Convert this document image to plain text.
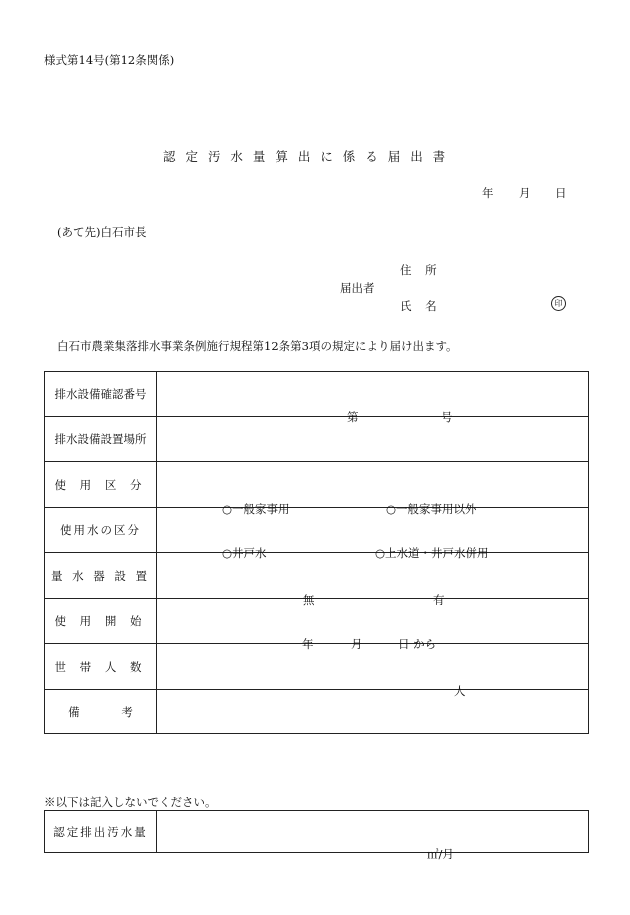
様式第14号(第12条関係)
認 定 汚 水 量 算 出 に 係 る 届 出 書
年 月 日
(あて先)白石市長
住 所
届出者
氏 名	印
白石市農業集落排水事業条例施行規程第12条第3項の規定により届け出ます。
排水設備確認番号	第 号

排水設備設置場所	
使 用 区 分	○一般家事用 ○一般家事用以外

使用水の区分	○井戸水 ○上水道・井戸水併用

量 水 器 設 置	無 有

使 用 開 始	年 月 日 から

世 帯 人 数	人

備 考	
※以下は記入しないでください。
認定排出汚水量	
㎥/月
